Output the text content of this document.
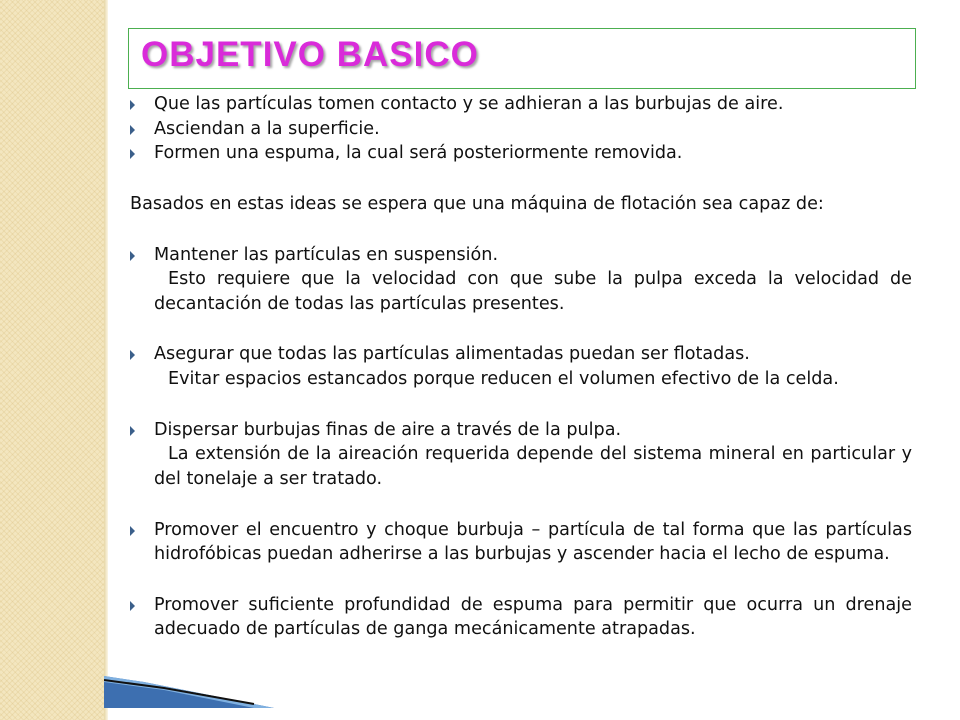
OBJETIVO BASICO

Que las partículas tomen contacto y se adhieran a las burbujas de aire.

Asciendan a la superficie.

Formen una espuma, la cual será posteriormente removida.

Basados en estas ideas se espera que una máquina de flotación sea capaz de:

Mantener las partículas en suspensión.
Esto requiere que la velocidad con que sube la pulpa exceda la velocidad de decantación de todas las partículas presentes.
Asegurar que todas las partículas alimentadas puedan ser flotadas.
Evitar espacios estancados porque reducen el volumen efectivo de la celda.
Dispersar burbujas finas de aire a través de la pulpa.
La extensión de la aireación requerida depende del sistema mineral en particular y del tonelaje a ser tratado.
Promover el encuentro y choque burbuja – partícula de tal forma que las partículas hidrofóbicas puedan adherirse a las burbujas y ascender hacia el lecho de espuma.
Promover suficiente profundidad de espuma para permitir que ocurra un drenaje adecuado de partículas de ganga mecánicamente atrapadas.
